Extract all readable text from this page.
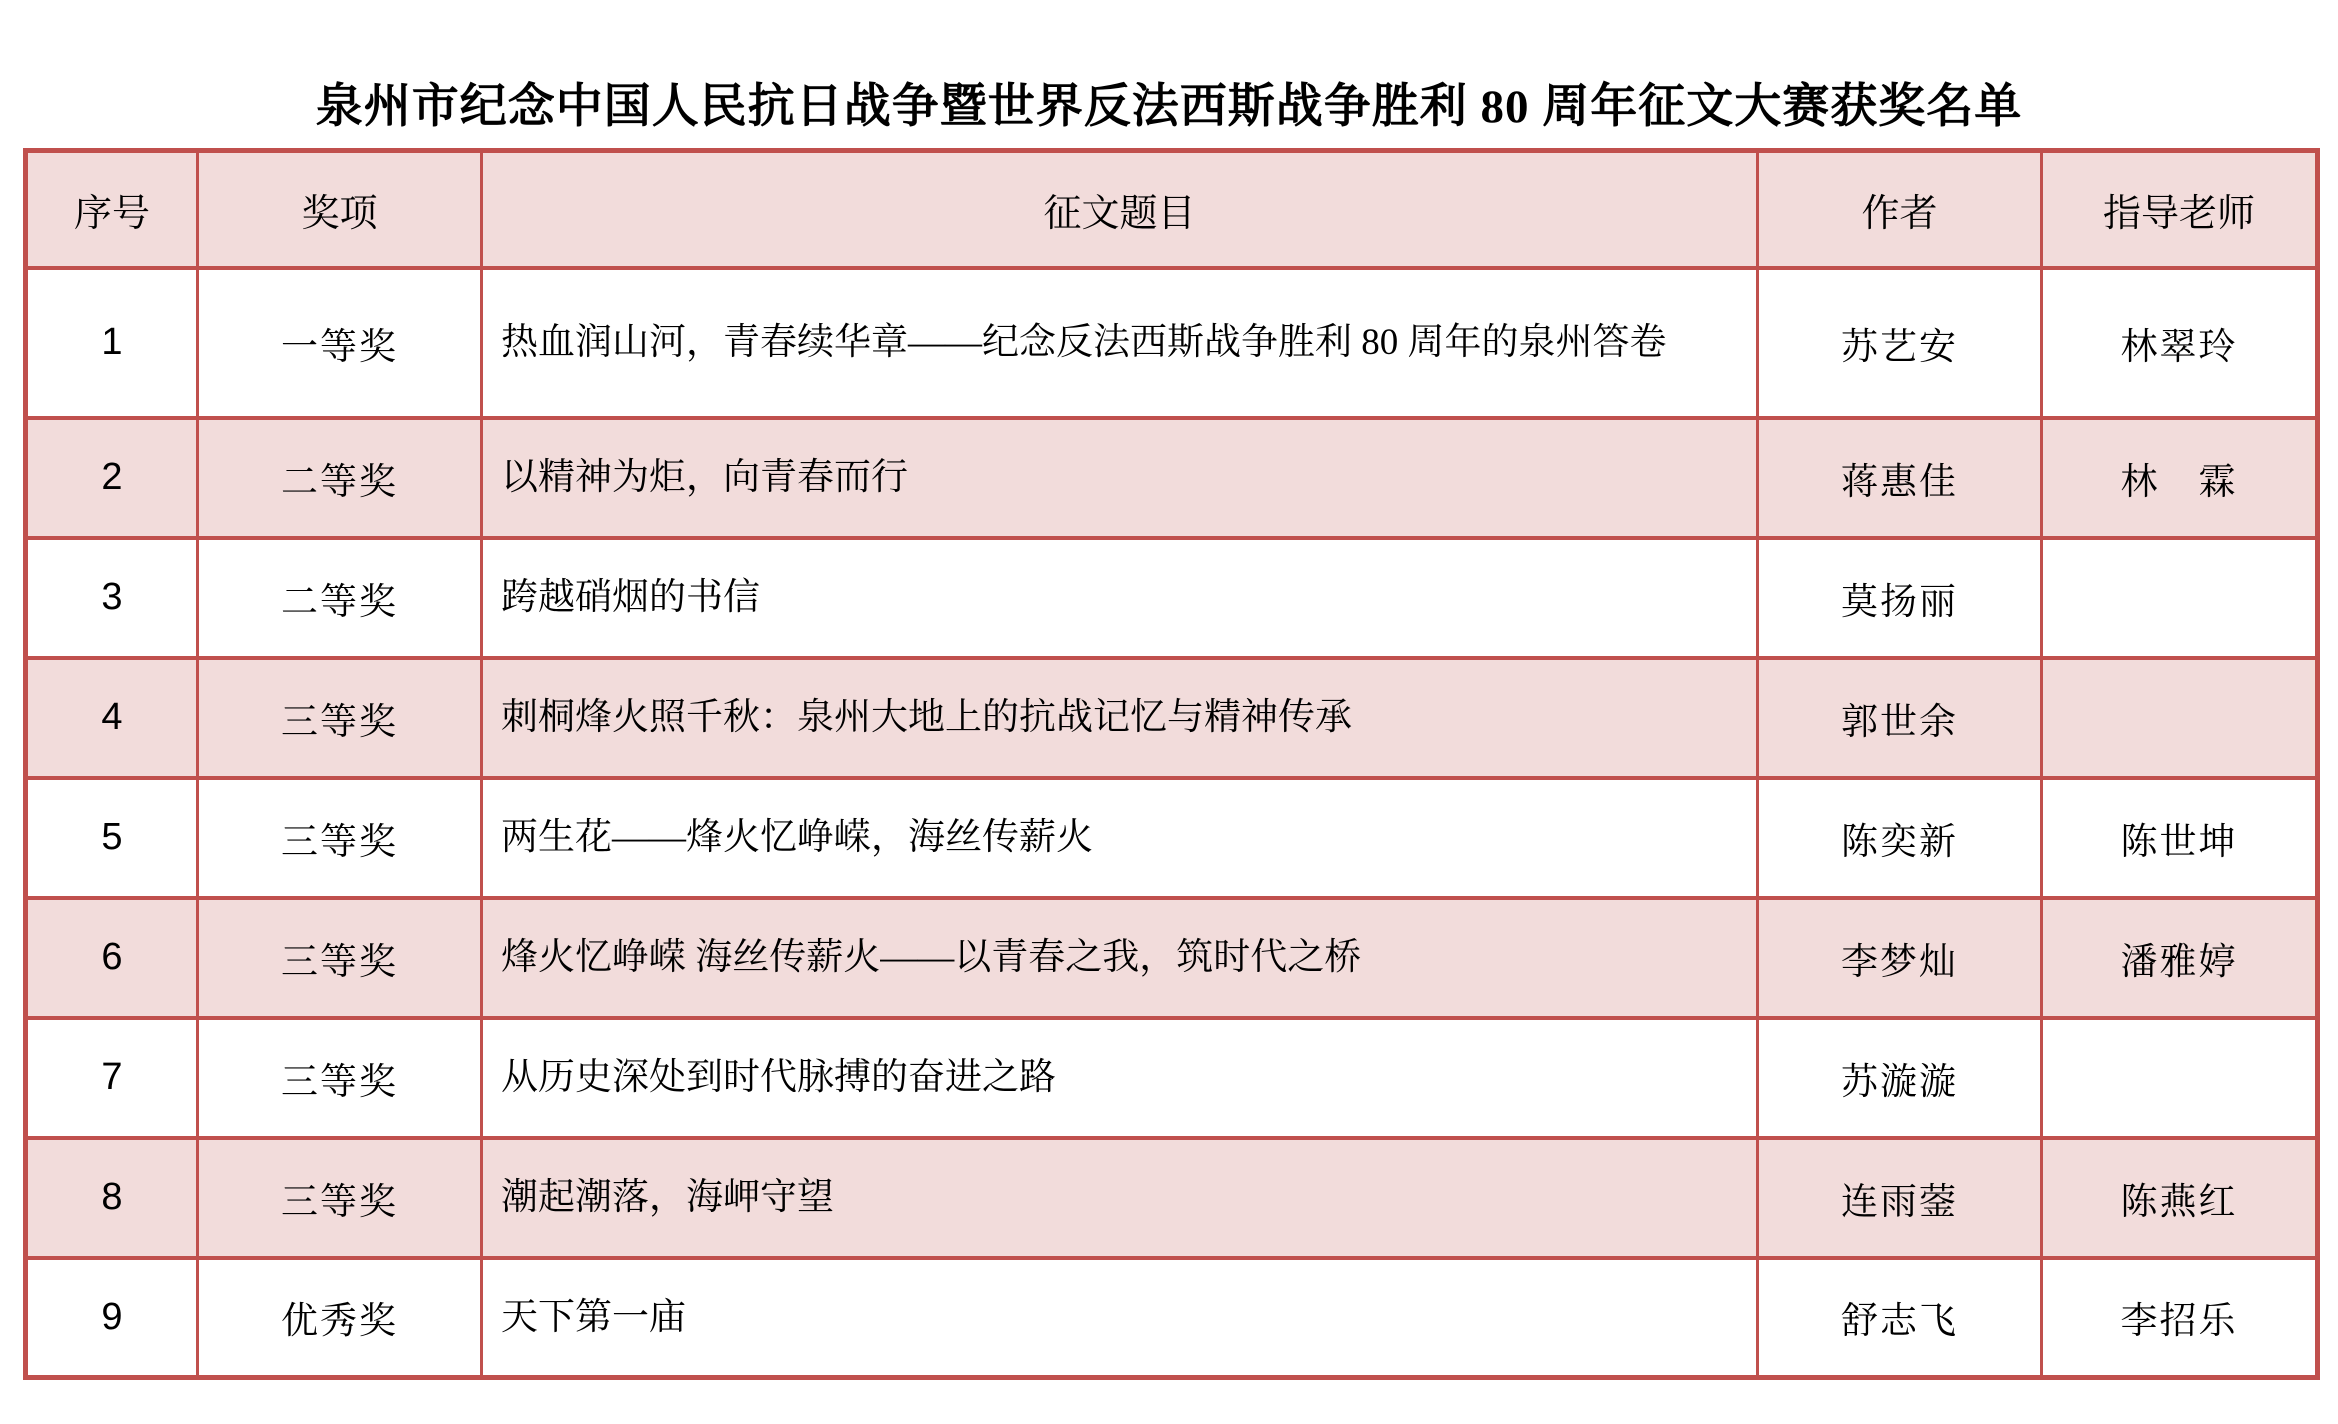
泉州市纪念中国人民抗日战争暨世界反法西斯战争胜利 80 周年征文大赛获奖名单
序号	奖项	征文题目	作者	指导老师
1	一等奖	热血润山河，青春续华章——纪念反法西斯战争胜利 80 周年的泉州答卷	苏艺安	林翠玲
2	二等奖	以精神为炬，向青春而行	蒋惠佳	林　霖
3	二等奖	跨越硝烟的书信	莫扬丽	
4	三等奖	刺桐烽火照千秋：泉州大地上的抗战记忆与精神传承	郭世余	
5	三等奖	两生花——烽火忆峥嵘，海丝传薪火	陈奕新	陈世坤
6	三等奖	烽火忆峥嵘 海丝传薪火——以青春之我，筑时代之桥	李梦灿	潘雅婷
7	三等奖	从历史深处到时代脉搏的奋进之路	苏漩漩	
8	三等奖	潮起潮落，海岬守望	连雨蓥	陈燕红
9	优秀奖	天下第一庙	舒志飞	李招乐
